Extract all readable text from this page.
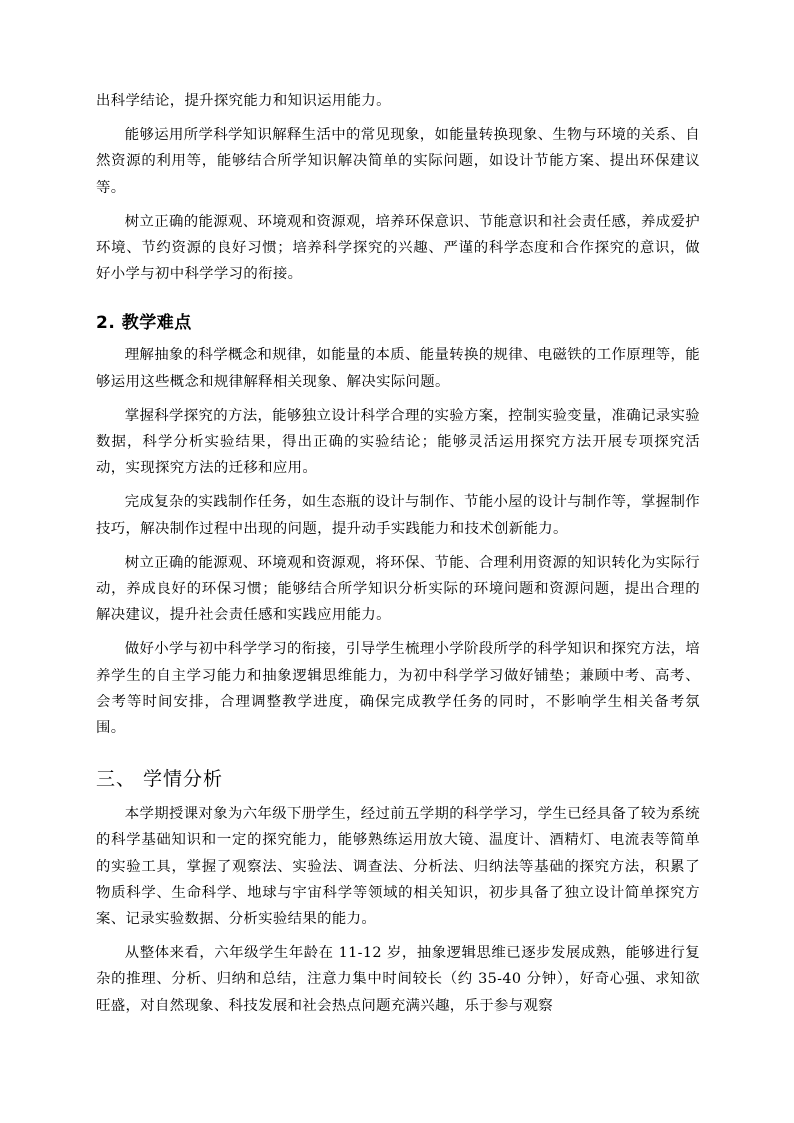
出科学结论，提升探究能力和知识运用能力。

能够运用所学科学知识解释生活中的常见现象，如能量转换现象、生物与环境的关系、自然资源的利用等，能够结合所学知识解决简单的实际问题，如设计节能方案、提出环保建议等。

树立正确的能源观、环境观和资源观，培养环保意识、节能意识和社会责任感，养成爱护环境、节约资源的良好习惯；培养科学探究的兴趣、严谨的科学态度和合作探究的意识，做好小学与初中科学学习的衔接。

2. 教学难点

理解抽象的科学概念和规律，如能量的本质、能量转换的规律、电磁铁的工作原理等，能够运用这些概念和规律解释相关现象、解决实际问题。

掌握科学探究的方法，能够独立设计科学合理的实验方案，控制实验变量，准确记录实验数据，科学分析实验结果，得出正确的实验结论；能够灵活运用探究方法开展专项探究活动，实现探究方法的迁移和应用。

完成复杂的实践制作任务，如生态瓶的设计与制作、节能小屋的设计与制作等，掌握制作技巧，解决制作过程中出现的问题，提升动手实践能力和技术创新能力。

树立正确的能源观、环境观和资源观，将环保、节能、合理利用资源的知识转化为实际行动，养成良好的环保习惯；能够结合所学知识分析实际的环境问题和资源问题，提出合理的解决建议，提升社会责任感和实践应用能力。

做好小学与初中科学学习的衔接，引导学生梳理小学阶段所学的科学知识和探究方法，培养学生的自主学习能力和抽象逻辑思维能力，为初中科学学习做好铺垫；兼顾中考、高考、会考等时间安排，合理调整教学进度，确保完成教学任务的同时，不影响学生相关备考氛围。

三、 学情分析

本学期授课对象为六年级下册学生，经过前五学期的科学学习，学生已经具备了较为系统的科学基础知识和一定的探究能力，能够熟练运用放大镜、温度计、酒精灯、电流表等简单的实验工具，掌握了观察法、实验法、调查法、分析法、归纳法等基础的探究方法，积累了物质科学、生命科学、地球与宇宙科学等领域的相关知识，初步具备了独立设计简单探究方案、记录实验数据、分析实验结果的能力。

从整体来看，六年级学生年龄在 11-12 岁，抽象逻辑思维已逐步发展成熟，能够进行复杂的推理、分析、归纳和总结，注意力集中时间较长（约 35-40 分钟），好奇心强、求知欲旺盛，对自然现象、科技发展和社会热点问题充满兴趣，乐于参与观察
